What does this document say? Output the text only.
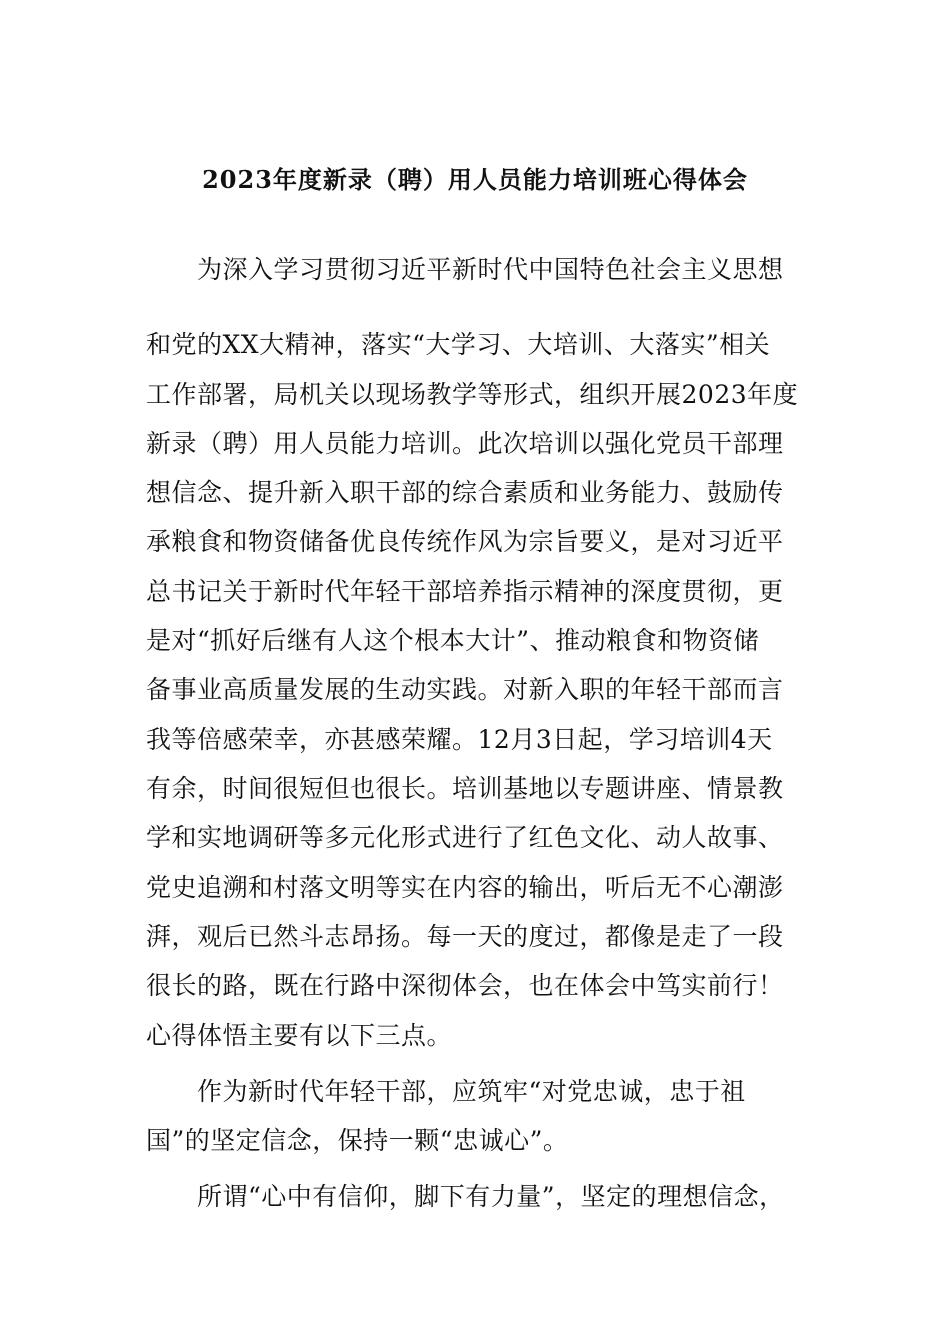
2023年度新录（聘）用人员能力培训班心得体会
　　为深入学习贯彻习近平新时代中国特色社会主义思想
和党的XX大精神，落实“大学习、大培训、大落实”相关
工作部署，局机关以现场教学等形式，组织开展2023年度
新录（聘）用人员能力培训。此次培训以强化党员干部理
想信念、提升新入职干部的综合素质和业务能力、鼓励传
承粮食和物资储备优良传统作风为宗旨要义，是对习近平
总书记关于新时代年轻干部培养指示精神的深度贯彻，更
是对“抓好后继有人这个根本大计”、推动粮食和物资储
备事业高质量发展的生动实践。对新入职的年轻干部而言
我等倍感荣幸，亦甚感荣耀。12月3日起，学习培训4天
有余，时间很短但也很长。培训基地以专题讲座、情景教
学和实地调研等多元化形式进行了红色文化、动人故事、
党史追溯和村落文明等实在内容的输出，听后无不心潮澎
湃，观后已然斗志昂扬。每一天的度过，都像是走了一段
很长的路，既在行路中深彻体会，也在体会中笃实前行！
心得体悟主要有以下三点。
　　作为新时代年轻干部，应筑牢“对党忠诚，忠于祖
国”的坚定信念，保持一颗“忠诚心”。
　　所谓“心中有信仰，脚下有力量”，坚定的理想信念，
